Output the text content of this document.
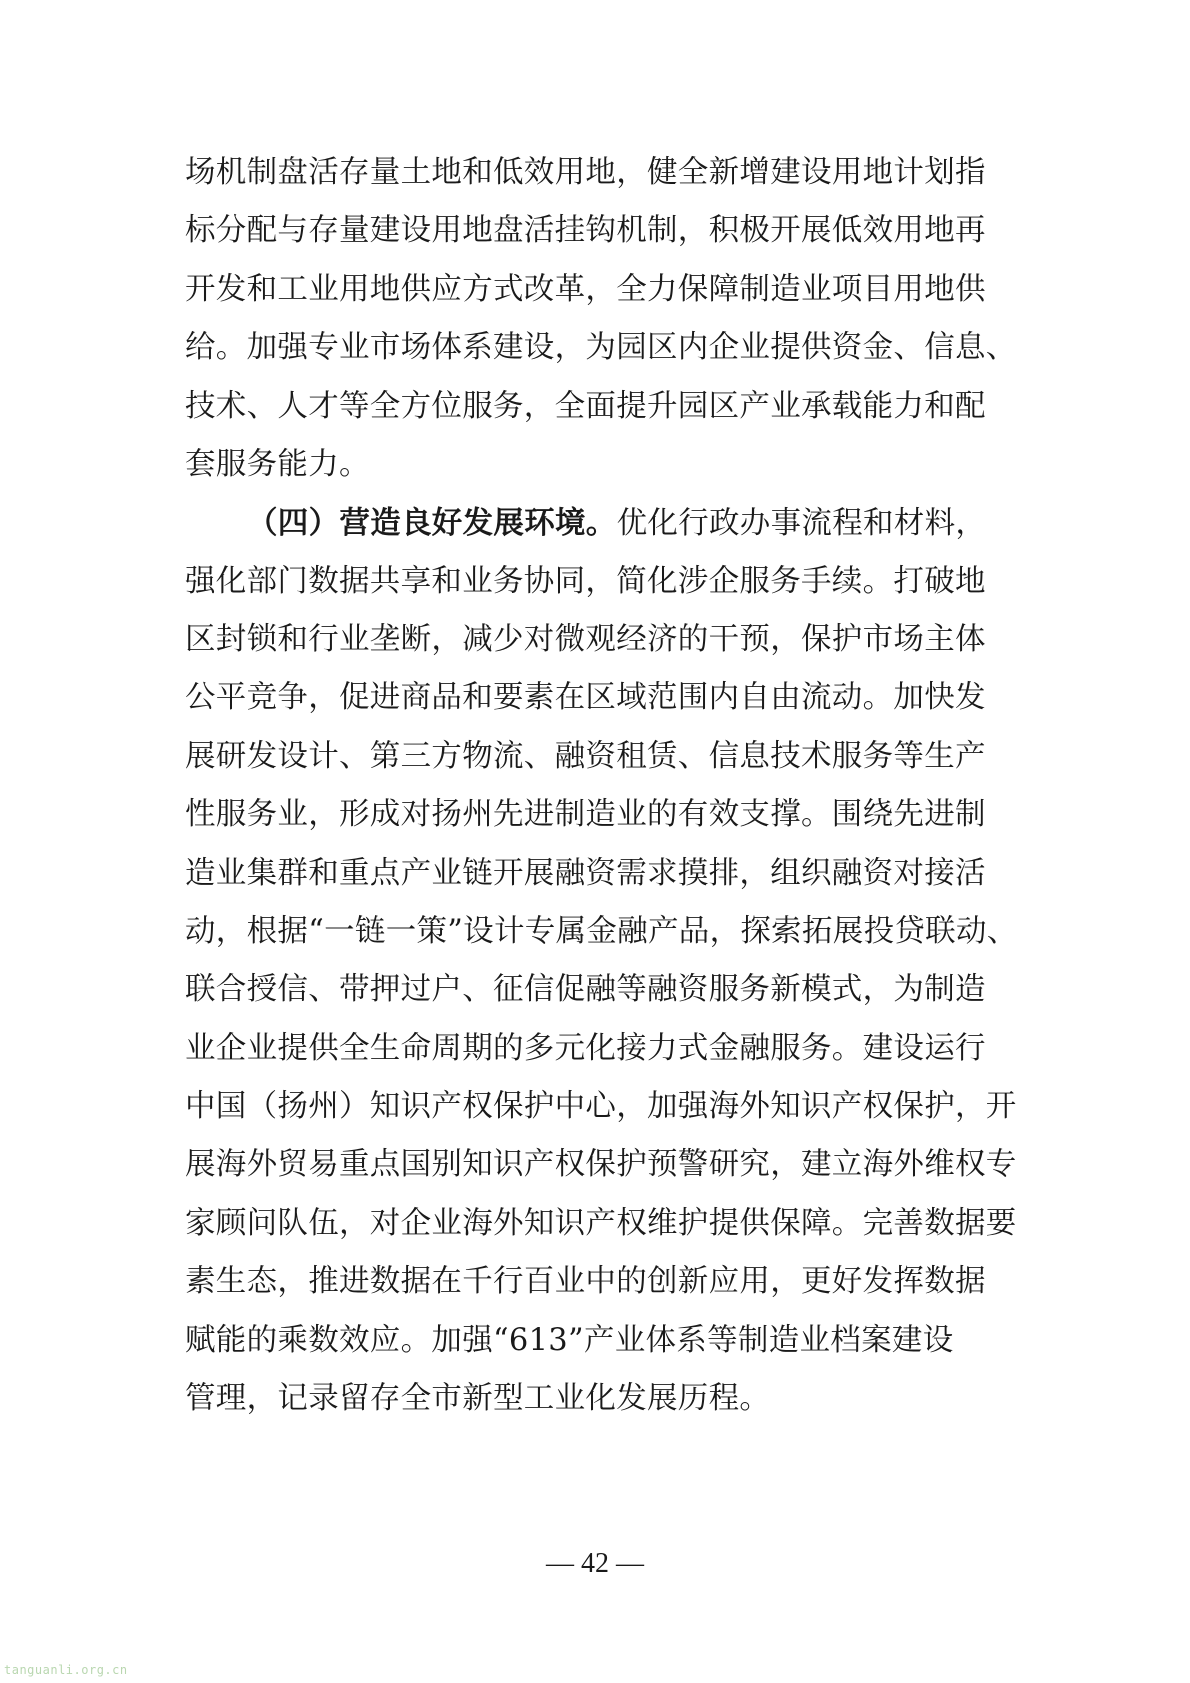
场机制盘活存量土地和低效用地，健全新增建设用地计划指
标分配与存量建设用地盘活挂钩机制，积极开展低效用地再
开发和工业用地供应方式改革，全力保障制造业项目用地供
给。加强专业市场体系建设，为园区内企业提供资金、信息、
技术、人才等全方位服务，全面提升园区产业承载能力和配
套服务能力。
（四）营造良好发展环境。优化行政办事流程和材料，
强化部门数据共享和业务协同，简化涉企服务手续。打破地
区封锁和行业垄断，减少对微观经济的干预，保护市场主体
公平竞争，促进商品和要素在区域范围内自由流动。加快发
展研发设计、第三方物流、融资租赁、信息技术服务等生产
性服务业，形成对扬州先进制造业的有效支撑。围绕先进制
造业集群和重点产业链开展融资需求摸排，组织融资对接活
动，根据“一链一策”设计专属金融产品，探索拓展投贷联动、
联合授信、带押过户、征信促融等融资服务新模式，为制造
业企业提供全生命周期的多元化接力式金融服务。建设运行
中国（扬州）知识产权保护中心，加强海外知识产权保护，开
展海外贸易重点国别知识产权保护预警研究，建立海外维权专
家顾问队伍，对企业海外知识产权维护提供保障。完善数据要
素生态，推进数据在千行百业中的创新应用，更好发挥数据
赋能的乘数效应。加强“613”产业体系等制造业档案建设
管理，记录留存全市新型工业化发展历程。
— 42 —
tanguanli.org.cn
